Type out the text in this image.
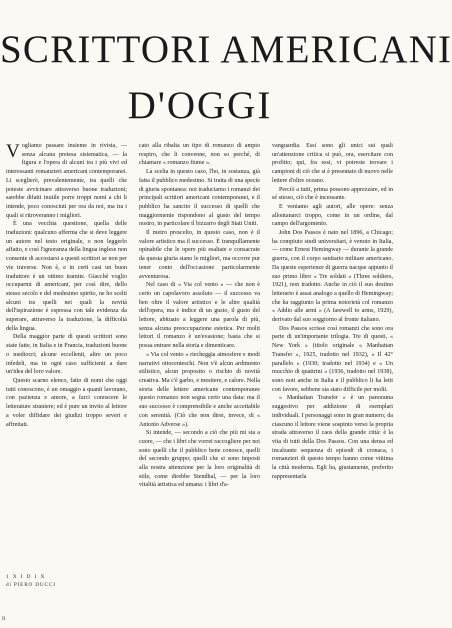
SCRITTORI AMERICANI
D'OGGI

Vogliamo passare insieme in rivista, — senza alcuna pretesa sistematica, — la figura e l'opera di alcuni tra i più vivi ed interessanti romanzieri americani contemporanei. Li sceglierò, prevalentemente, tra quelli che poteste avvicinare attraverso buone traduzioni; sarebbe difatti inutile porre troppi nomi a chi li intende, poco conosciuti per ora da noi, ma tra i quali si ritroveranno i migliori.

È una vecchia questione, quella delle traduzioni: qualcuno afferma che si deve leggere un autore nel testo originale, o non leggerlo affatto, e così l'ignoranza della lingua inglese non consente di accostarsi a questi scrittori se non per vie traverse. Non è, e in certi casi un buon traduttore è un ottimo tramite. Giacché voglio occuparmi di americani, per così dire, dello stesso secolo e del medesimo spirito, ne ho scelti alcuni tra quelli nei quali la novità dell'ispirazione è espressa con tale evidenza da superare, attraverso la traduzione, la difficoltà della lingua.

Della maggior parte di questi scrittori sono state fatte, in Italia e in Francia, traduzioni buone o mediocri; alcune eccellenti, altre un poco infedeli, ma in ogni caso sufficienti a dare un'idea del loro valore.

Questo scarno elenco, fatto di nomi che oggi tutti conoscono, è un omaggio a quanti lavorano, con pazienza e amore, a farci conoscere le letterature straniere; ed è pure un invito al lettore a voler diffidare dei giudizi troppo severi e affrettati.

1 X I D I X
di PIERO DUCCI

cato alla ribalta un tipo di romanzo di ampio respiro, che li convenne, non so perché, di chiamare « romanzo fiume ».

La scelta in questo caso, l'ho, in sostanza, già fatta il pubblico medesimo. Si tratta di una specie di giuria spontanea: noi traduciamo i romanzi dei principali scrittori americani contemporanei, e il pubblico ha sancito il successo di quelli che maggiormente rispondono al gusto del tempo nostro, in particolare il bizzarro degli Stati Uniti.

Il metro prescelto, in questo caso, non è il valore artistico ma il successo. È tranquillamente opinabile che le opere più esaltate e consacrate da questa giuria siano le migliori, ma occorre pur tener conto dell'occasione particolarmente avventurosa.

Nel caso di « Via col vento » — che non è certo un capolavoro assoluto — il successo va ben oltre il valore artistico e le altre qualità dell'opera, ma è indice di un gusto, il gusto del lettore, abituato a leggere una parola di più, senza alcuna preoccupazione estetica. Per molti lettori il romanzo è un'evasione; basta che si possa entrare nella storia e dimenticare.

« Via col vento » riecheggia atmosfere e modi narrativi ottocenteschi. Non v'è alcun ardimento stilistico, alcun proposito o rischio di novità creativa. Ma c'è garbo, e mestiere, e calore. Nella storia delle lettere americane contemporanee questo romanzo non segna certo una data: ma il suo successo è comprensibile e anche accettabile con serenità. (Ciò che non direi, invece, di « Antonio Adverse »).

Si intende, — secondo a ciò che più mi sta a cuore, — che i libri che vorrei raccogliere per noi sono quelli che il pubblico bene conosce, quelli del secondo gruppo; quelli che si sono imposti alla nostra attenzione per la loro originalità di stile, come direbbe Stendhal, — per la loro vitalità artistica ed umana: i libri d'a-

vanguardia. Essi sono gli unici sui quali un'attenzione critica si può, ora, esercitare con profitto; qui, fra essi, vi potreste trovare i campioni di ciò che si è presentato di nuovo nelle lettere d'oltre oceano.

Perciò a tutti, prima possono apprezzare, ed in sé stesso, ciò che è incessante.

E veniamo agli autori, alle opere: senza allontanarci troppo, come in un ordine, dal campo dell'argomento.

John Dos Passos è nato nel 1896, a Chicago; ha compiuto studi universitari, è venuto in Italia, — come Ernest Hemingway — durante la grande guerra, con il corpo sanitario militare americano. Da queste esperienze di guerra nacque appunto il suo primo libro « Tre soldati » (Three soldiers, 1921), non tradotto. Anche in ciò il suo destino letterario è assai analogo a quello di Hemingway; che ha raggiunto la prima notorietà col romanzo « Addio alle armi » (A farewell to arms, 1929), derivato dal suo soggiorno al fronte italiano.

Dos Passos scrisse così romanzi che sono ora parte di un'importante trilogia. Tre di questi, « New York » (titolo originale « Manhattan Transfer », 1925, tradotto nel 1932), « Il 42° parallelo » (1930; tradotto nel 1934) e « Un mucchio di quattrini » (1936, tradotto nel 1938), sono noti anche in Italia e il pubblico li ha letti con favore, sebbene sia stato difficile per molti.

« Manhattan Transfer » è un panorama suggestivo per addizione di esemplari individuali. I personaggi sono in gran numero; da ciascuno il lettore viene sospinto verso la propria strada attraverso il caos della grande città: è la vita di tutti della Dos Passos. Con una densa ed incalzante sequenza di episodi di cronaca, i romanzieri di questo tempo hanno come vittima la città moderna. Egli ha, giustamente, preferito rappresentarla

n
